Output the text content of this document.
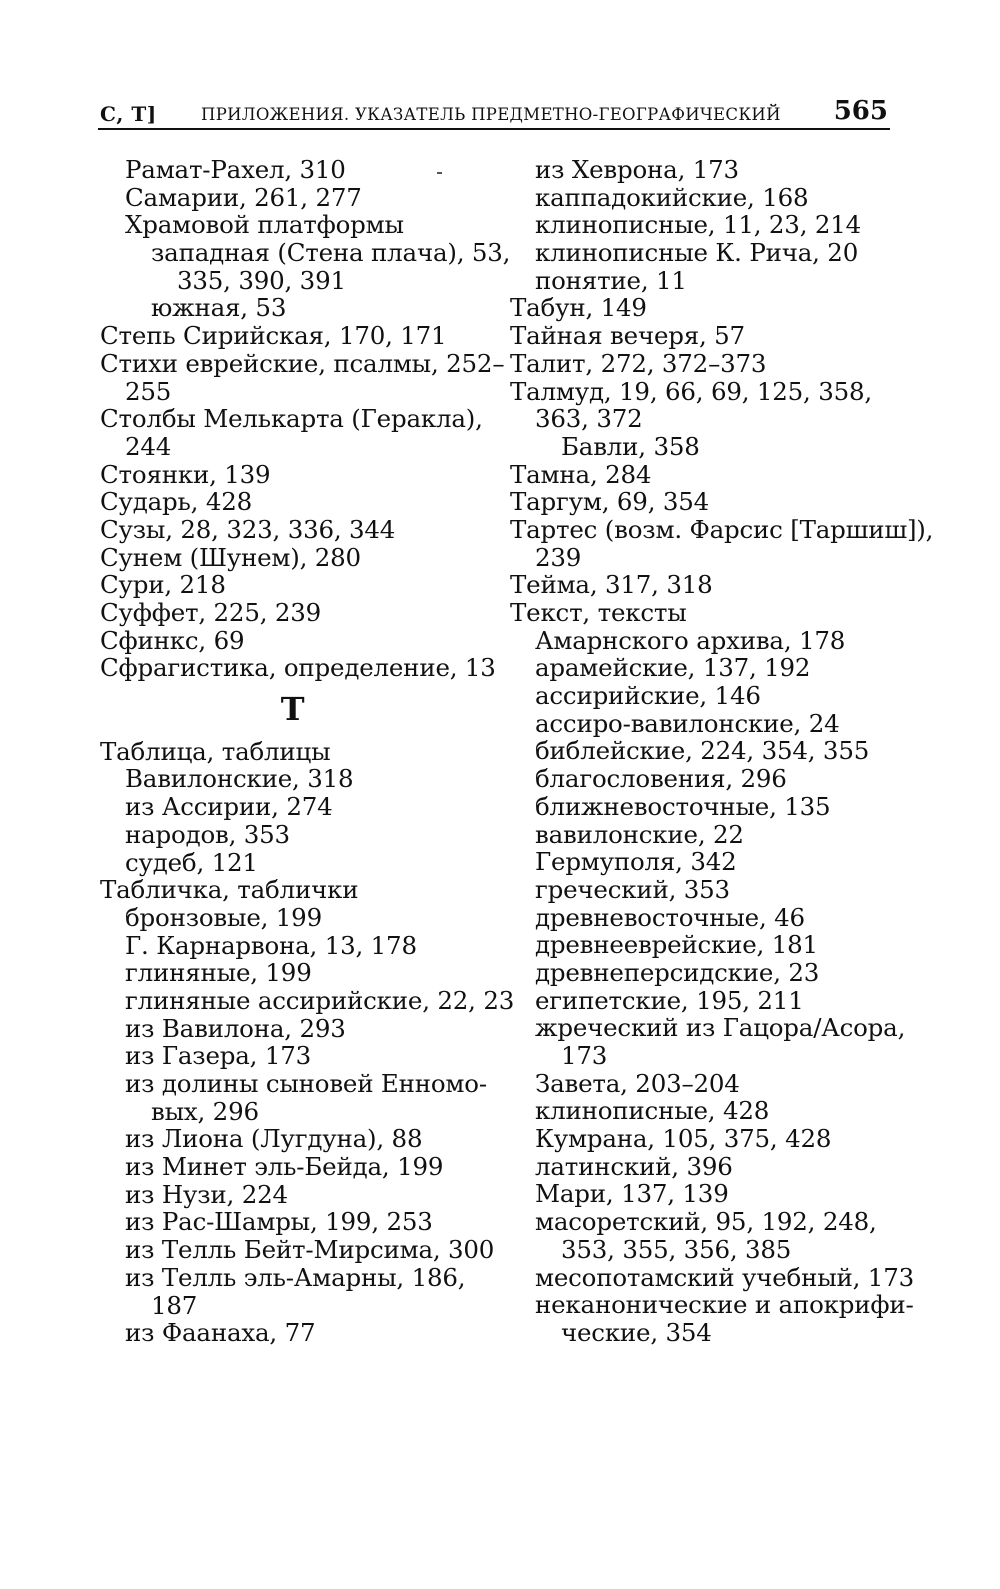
С, Т]	ПРИЛОЖЕНИЯ. УКАЗАТЕЛЬ ПРЕДМЕТНО-ГЕОГРАФИЧЕСКИЙ 565
Рамат-Рахел, 310
Самарии, 261, 277
Храмовой платформы
западная (Стена плача), 53,
335, 390, 391
южная, 53
Степь Сирийская, 170, 171
Стихи еврейские, псалмы, 252–
255
Столбы Мелькарта (Геракла),
244
Стоянки, 139
Сударь, 428
Сузы, 28, 323, 336, 344
Сунем (Шунем), 280
Сури, 218
Суффет, 225, 239
Сфинкс, 69
Сфрагистика, определение, 13
Т
Таблица, таблицы
Вавилонские, 318
из Ассирии, 274
народов, 353
судеб, 121
Табличка, таблички
бронзовые, 199
Г. Карнарвона, 13, 178
глиняные, 199
глиняные ассирийские, 22, 23
из Вавилона, 293
из Газера, 173
из долины сыновей Енномо-
вых, 296
из Лиона (Лугдуна), 88
из Минет эль-Бейда, 199
из Нузи, 224
из Рас-Шамры, 199, 253
из Телль Бейт-Мирсима, 300
из Телль эль-Амарны, 186,
187
из Фаанаха, 77
из Хеврона, 173
каппадокийские, 168
клинописные, 11, 23, 214
клинописные К. Рича, 20
понятие, 11
Табун, 149
Тайная вечеря, 57
Талит, 272, 372–373
Талмуд, 19, 66, 69, 125, 358,
363, 372
Бавли, 358
Тамна, 284
Таргум, 69, 354
Тартес (возм. Фарсис [Таршиш]),
239
Тейма, 317, 318
Текст, тексты
Амарнского архива, 178
арамейские, 137, 192
ассирийские, 146
ассиро-вавилонские, 24
библейские, 224, 354, 355
благословения, 296
ближневосточные, 135
вавилонские, 22
Гермуполя, 342
греческий, 353
древневосточные, 46
древнееврейские, 181
древнеперсидские, 23
египетские, 195, 211
жреческий из Гацора/Асора,
173
Завета, 203–204
клинописные, 428
Кумрана, 105, 375, 428
латинский, 396
Мари, 137, 139
масоретский, 95, 192, 248,
353, 355, 356, 385
месопотамский учебный, 173
неканонические и апокрифи-
ческие, 354
